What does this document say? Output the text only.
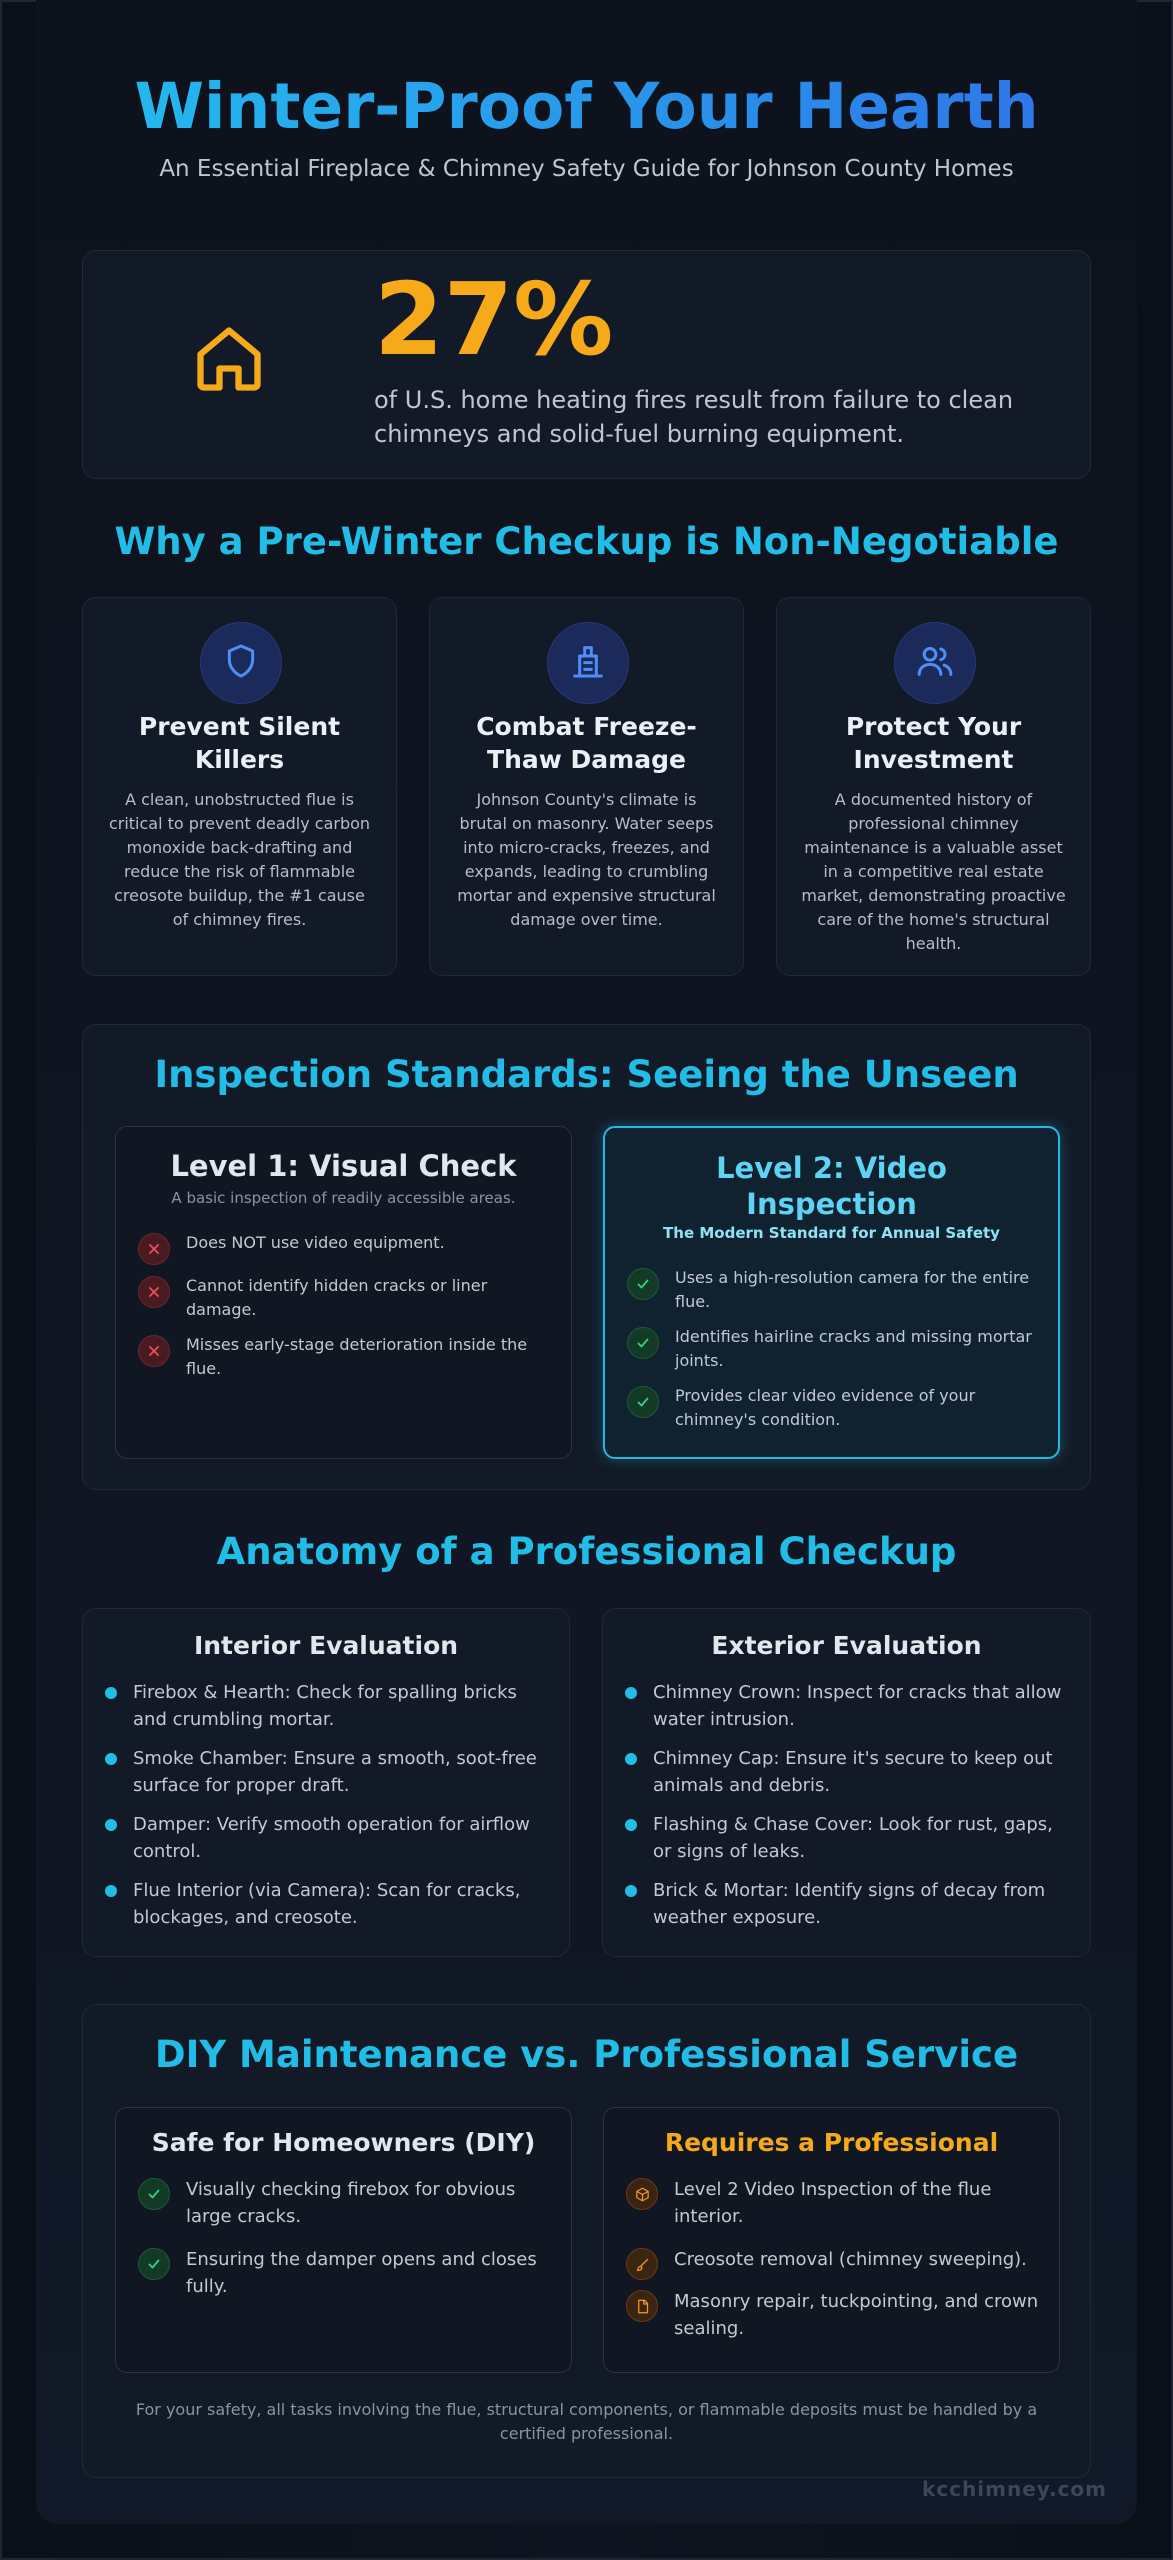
Winter-Proof Your Hearth
An Essential Fireplace & Chimney Safety Guide for Johnson County Homes
27%
of U.S. home heating fires result from failure to clean chimneys and solid-fuel burning equipment.
Why a Pre-Winter Checkup is Non-Negotiable
Prevent Silent Killers

A clean, unobstructed flue is critical to prevent deadly carbon monoxide back-drafting and reduce the risk of flammable creosote buildup, the #1 cause of chimney fires.

Combat Freeze-Thaw Damage

Johnson County's climate is brutal on masonry. Water seeps into micro-cracks, freezes, and expands, leading to crumbling mortar and expensive structural damage over time.

Protect Your Investment

A documented history of professional chimney maintenance is a valuable asset in a competitive real estate market, demonstrating proactive care of the home's structural health.

Inspection Standards: Seeing the Unseen
Level 1: Visual Check
A basic inspection of readily accessible areas.
Does NOT use video equipment.
Cannot identify hidden cracks or liner damage.
Misses early-stage deterioration inside the flue.
Level 2: Video Inspection
The Modern Standard for Annual Safety
Uses a high-resolution camera for the entire flue.
Identifies hairline cracks and missing mortar joints.
Provides clear video evidence of your chimney's condition.
Anatomy of a Professional Checkup
Interior Evaluation
Firebox & Hearth: Check for spalling bricks and crumbling mortar.
Smoke Chamber: Ensure a smooth, soot-free surface for proper draft.
Damper: Verify smooth operation for airflow control.
Flue Interior (via Camera): Scan for cracks, blockages, and creosote.
Exterior Evaluation
Chimney Crown: Inspect for cracks that allow water intrusion.
Chimney Cap: Ensure it's secure to keep out animals and debris.
Flashing & Chase Cover: Look for rust, gaps, or signs of leaks.
Brick & Mortar: Identify signs of decay from weather exposure.
DIY Maintenance vs. Professional Service
Safe for Homeowners (DIY)
Visually checking firebox for obvious large cracks.
Ensuring the damper opens and closes fully.
Requires a Professional
Level 2 Video Inspection of the flue interior.
Creosote removal (chimney sweeping).
Masonry repair, tuckpointing, and crown sealing.
For your safety, all tasks involving the flue, structural components, or flammable deposits must be handled by a certified professional.
kcchimney.com
